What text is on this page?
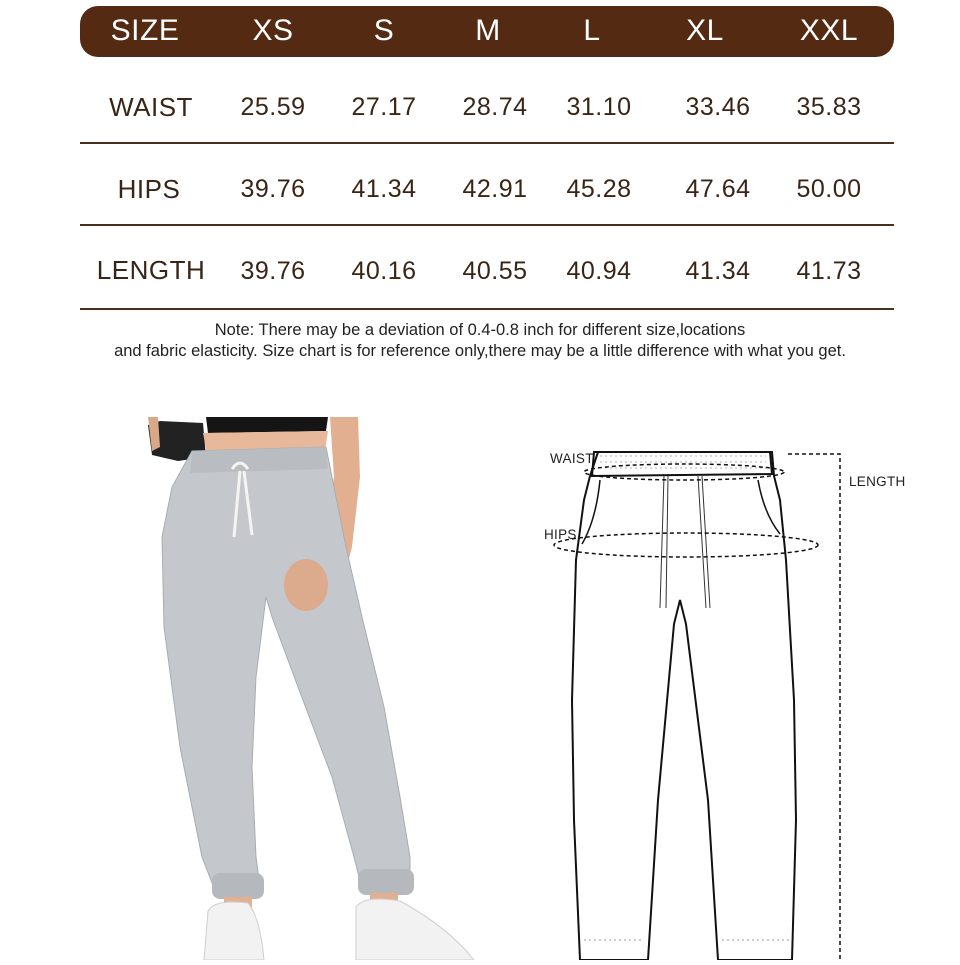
SIZE XS	S	M	L	XL	XXL
WAIST 25.59 27.17 28.74 31.10 33.46 35.83
HIPS 39.76 41.34 42.91 45.28 47.64 50.00
LENGTH 39.76 40.16 40.55 40.94 41.34 41.73
Note: There may be a deviation of 0.4-0.8 inch for different size,locations
and fabric elasticity. Size chart is for reference only,there may be a little difference with what you get.
WAIST
HIPS
LENGTH
